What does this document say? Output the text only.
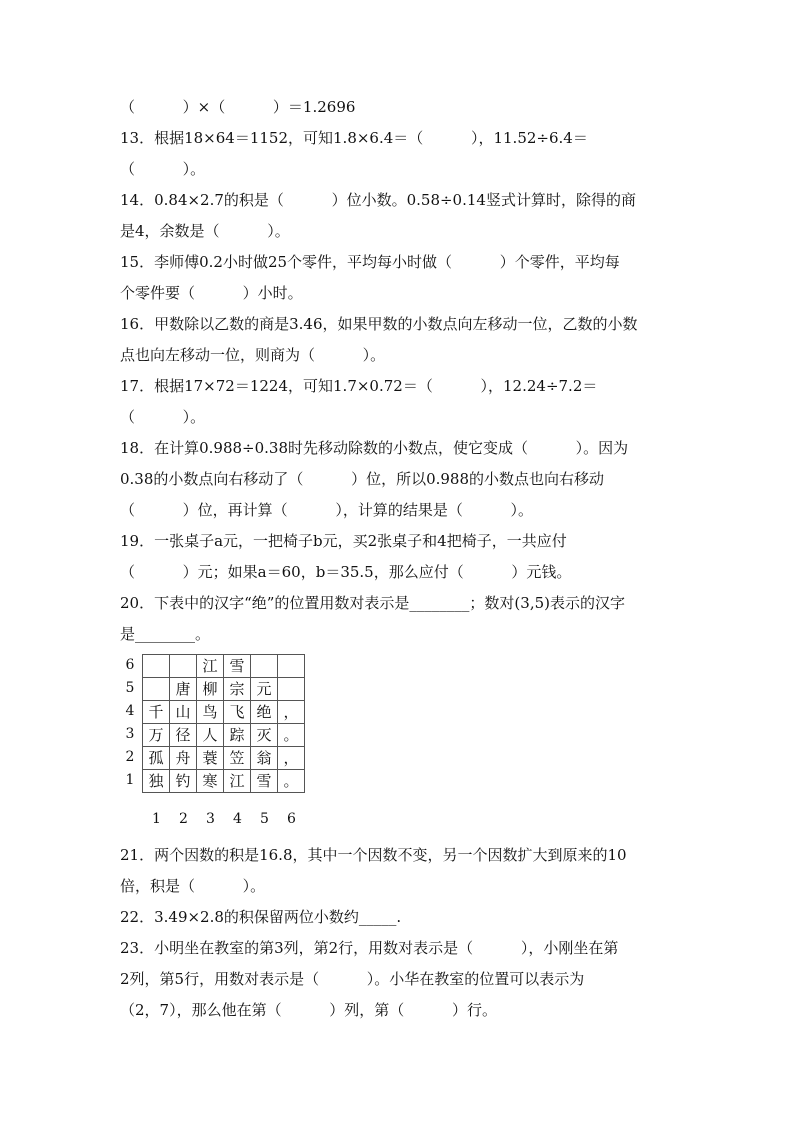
（          ）×（          ）＝1.2696
13．根据18×64＝1152，可知1.8×6.4＝（          ），11.52÷6.4＝
（          ）。
14．0.84×2.7的积是（          ）位小数。0.58÷0.14竖式计算时，除得的商
是4，余数是（          ）。
15．李师傅0.2小时做25个零件，平均每小时做（          ）个零件，平均每
个零件要（          ）小时。
16．甲数除以乙数的商是3.46，如果甲数的小数点向左移动一位，乙数的小数
点也向左移动一位，则商为（          ）。
17．根据17×72＝1224，可知1.7×0.72＝（          ），12.24÷7.2＝
（          ）。
18．在计算0.988÷0.38时先移动除数的小数点，使它变成（          ）。因为
0.38的小数点向右移动了（          ）位，所以0.988的小数点也向右移动
（          ）位，再计算（          ），计算的结果是（          ）。
19．一张桌子a元，一把椅子b元，买2张桌子和4把椅子，一共应付
（          ）元；如果a＝60，b＝35.5，那么应付（          ）元钱。
20．下表中的汉字“绝”的位置用数对表示是________；数对(3,5)表示的汉字
是________。
6
5
4
3
2
1
		江	雪		
	唐	柳	宗	元	
千	山	鸟	飞	绝	，
万	径	人	踪	灭	。
孤	舟	蓑	笠	翁	，
独	钓	寒	江	雪	。
1	2	3	4	5	6
21．两个因数的积是16.8，其中一个因数不变，另一个因数扩大到原来的10
倍，积是（          ）。
22．3.49×2.8的积保留两位小数约_____.
23．小明坐在教室的第3列，第2行，用数对表示是（          ），小刚坐在第
2列，第5行，用数对表示是（          ）。小华在教室的位置可以表示为
（2，7），那么他在第（          ）列，第（          ）行。
